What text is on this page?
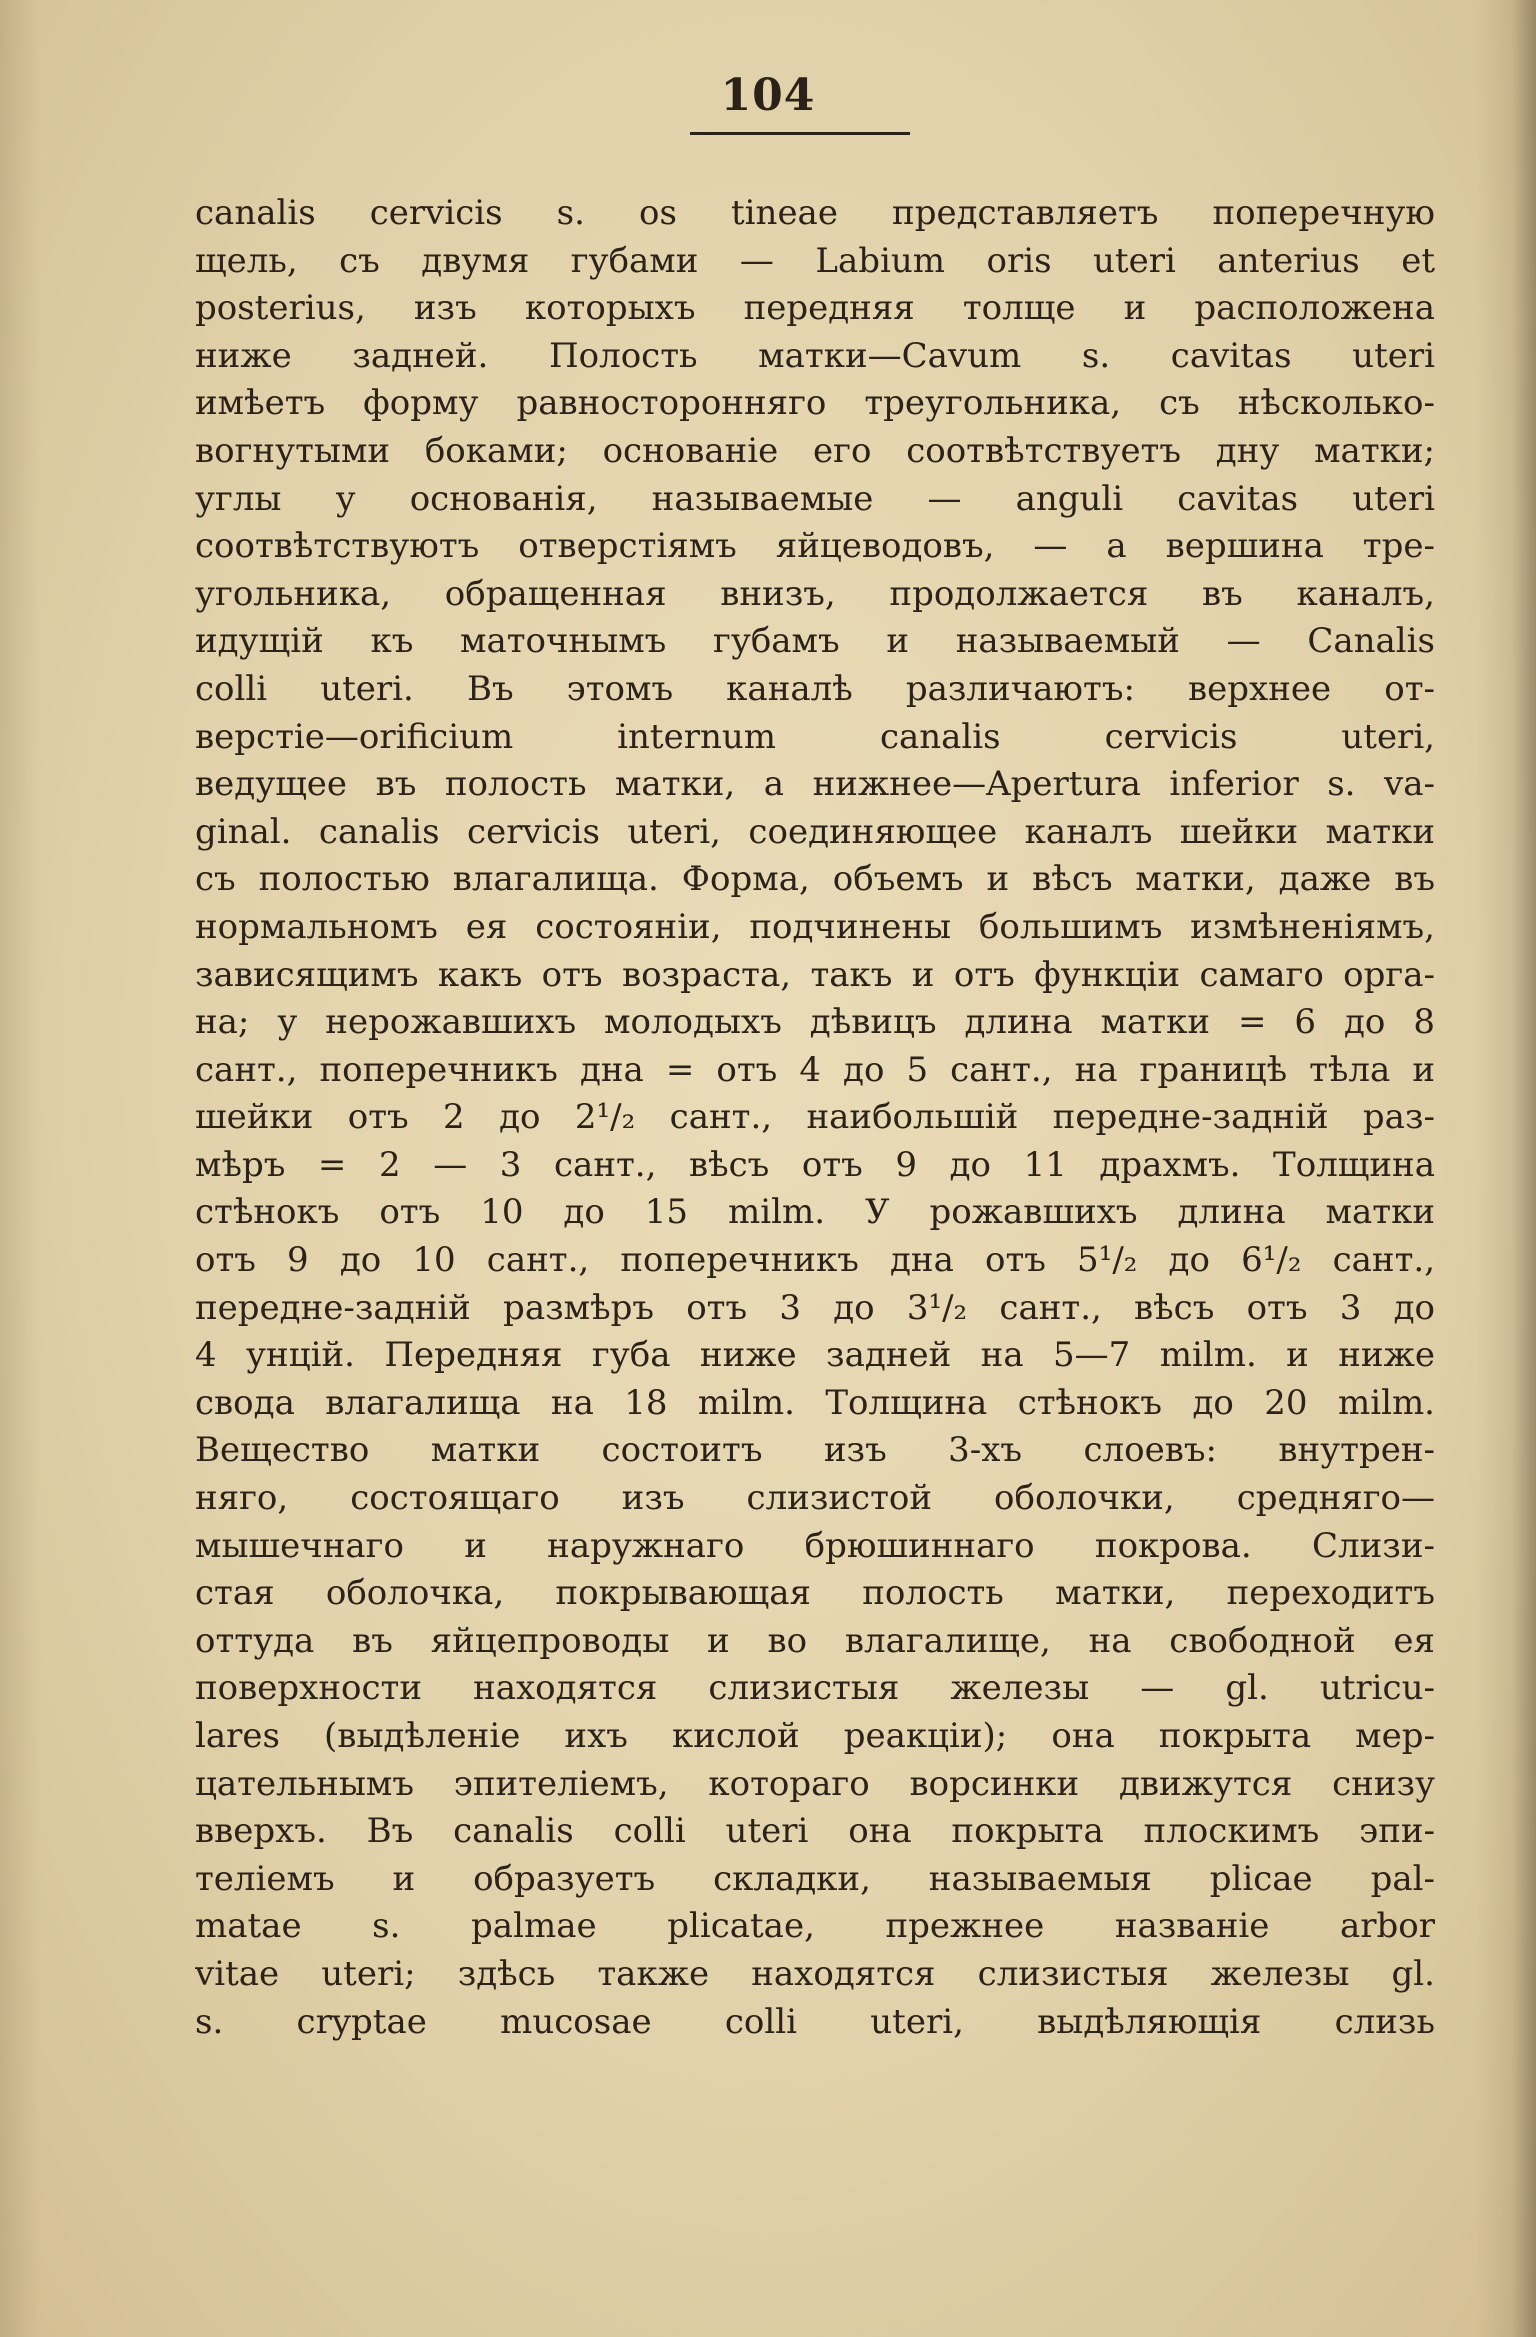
104
canalis cervicis s. os tineae представляетъ поперечную
щель, съ двумя губами — Labium oris uteri anterius et
posterius, изъ которыхъ передняя толще и расположена
ниже задней. Полость матки—Cavum s. cavitas uteri
имѣетъ форму равносторонняго треугольника, съ нѣсколько-
вогнутыми боками; основаніе его соотвѣтствуетъ дну матки;
углы у основанія, называемые — anguli cavitas uteri
соотвѣтствуютъ отверстіямъ яйцеводовъ, — а вершина тре-
угольника, обращенная внизъ, продолжается въ каналъ,
идущій къ маточнымъ губамъ и называемый — Canalis
colli uteri. Въ этомъ каналѣ различаютъ: верхнее от-
верстіе—orificium internum canalis cervicis uteri,
ведущее въ полость матки, а нижнее—Apertura inferior s. va-
ginal. canalis cervicis uteri, соединяющее каналъ шейки матки
съ полостью влагалища. Форма, объемъ и вѣсъ матки, даже въ
нормальномъ ея состояніи, подчинены большимъ измѣненіямъ,
зависящимъ какъ отъ возраста, такъ и отъ функціи самаго орга-
на; у нерожавшихъ молодыхъ дѣвицъ длина матки = 6 до 8
сант., поперечникъ дна = отъ 4 до 5 сант., на границѣ тѣла и
шейки отъ 2 до 2¹/₂ сант., наибольшій передне-задній раз-
мѣръ = 2 — 3 сант., вѣсъ отъ 9 до 11 драхмъ. Толщина
стѣнокъ отъ 10 до 15 milm. У рожавшихъ длина матки
отъ 9 до 10 сант., поперечникъ дна отъ 5¹/₂ до 6¹/₂ сант.,
передне-задній размѣръ отъ 3 до 3¹/₂ сант., вѣсъ отъ 3 до
4 унцій. Передняя губа ниже задней на 5—7 milm. и ниже
свода влагалища на 18 milm. Толщина стѣнокъ до 20 milm.
Вещество матки состоитъ изъ 3-хъ слоевъ: внутрен-
няго, состоящаго изъ слизистой оболочки, средняго—
мышечнаго и наружнаго брюшиннаго покрова. Слизи-
стая оболочка, покрывающая полость матки, переходитъ
оттуда въ яйцепроводы и во влагалище, на свободной ея
поверхности находятся слизистыя железы — gl. utricu-
lares (выдѣленіе ихъ кислой реакціи); она покрыта мер-
цательнымъ эпителіемъ, котораго ворсинки движутся снизу
вверхъ. Въ canalis colli uteri она покрыта плоскимъ эпи-
теліемъ и образуетъ складки, называемыя plicae pal-
matae s. palmae plicatae, прежнее названіе arbor
vitae uteri; здѣсь также находятся слизистыя железы gl.
s. cryptae mucosae colli uteri, выдѣляющія слизь
